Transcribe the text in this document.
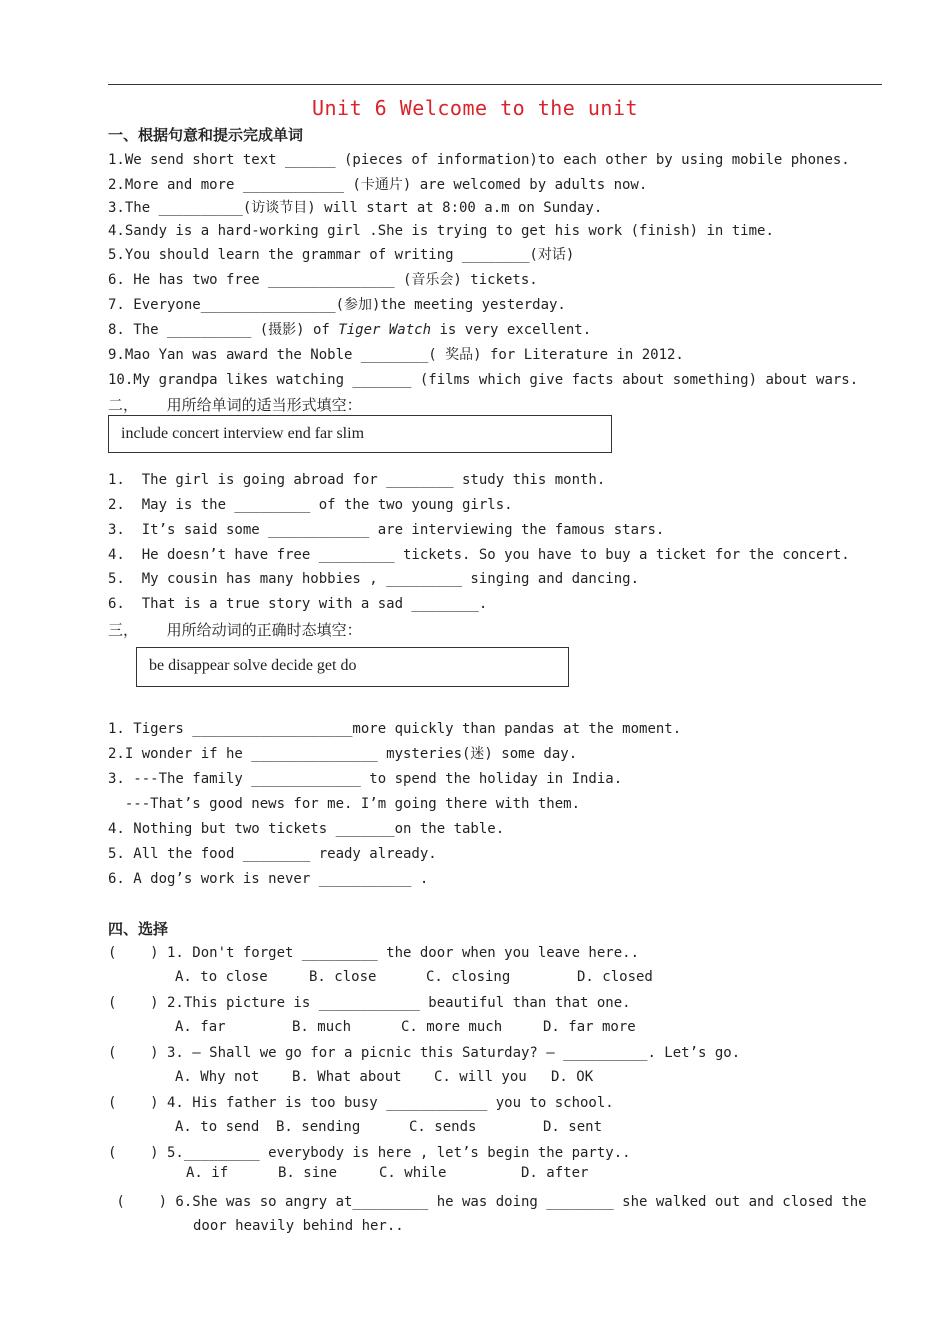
Unit 6 Welcome to the unit
一、根据句意和提示完成单词
1.We send short text ______ (pieces of information)to each other by using mobile phones.
2.More and more ____________ (卡通片) are welcomed by adults now.
3.The __________(访谈节目) will start at 8:00 a.m on Sunday.
4.Sandy is a hard-working girl .She is trying to get his work (finish) in time.
5.You should learn the grammar of writing ________(对话)
6. He has two free _______________ (音乐会) tickets.
7. Everyone________________(参加)the meeting yesterday.
8. The __________ (摄影) of Tiger Watch is very excellent.
9.Mao Yan was award the Noble ________( 奖品) for Literature in 2012.
10.My grandpa likes watching _______ (films which give facts about something) about wars.
二，      用所给单词的适当形式填空：
include concert interview end far slim
1.  The girl is going abroad for ________ study this month.
2.  May is the _________ of the two young girls.
3.  It’s said some ____________ are interviewing the famous stars.
4.  He doesn’t have free _________ tickets. So you have to buy a ticket for the concert.
5.  My cousin has many hobbies , _________ singing and dancing.
6.  That is a true story with a sad ________.
三，      用所给动词的正确时态填空：
be disappear solve decide get do
1. Tigers ___________________more quickly than pandas at the moment.
2.I wonder if he _______________ mysteries(迷) some day.
3. ---The family _____________ to spend the holiday in India.
---That’s good news for me. I’m going there with them.
4. Nothing but two tickets _______on the table.
5. All the food ________ ready already.
6. A dog’s work is never ___________ .
四、选择
(    ) 1. Don't forget _________ the door when you leave here..
A. to close	B. close	C. closing	D. closed
(    ) 2.This picture is ____________ beautiful than that one.
A. far	B. much	C. more much	D. far more
(    ) 3. — Shall we go for a picnic this Saturday? — __________. Let’s go.
A. Why not B. What about C. will you D. OK
(    ) 4. His father is too busy ____________ you to school.
A. to send B. sending	C. sends	D. sent
(    ) 5._________ everybody is here , let’s begin the party..
A. if	B. sine	C. while	D. after
(    ) 6.She was so angry at_________ he was doing ________ she walked out and closed the
door heavily behind her..
